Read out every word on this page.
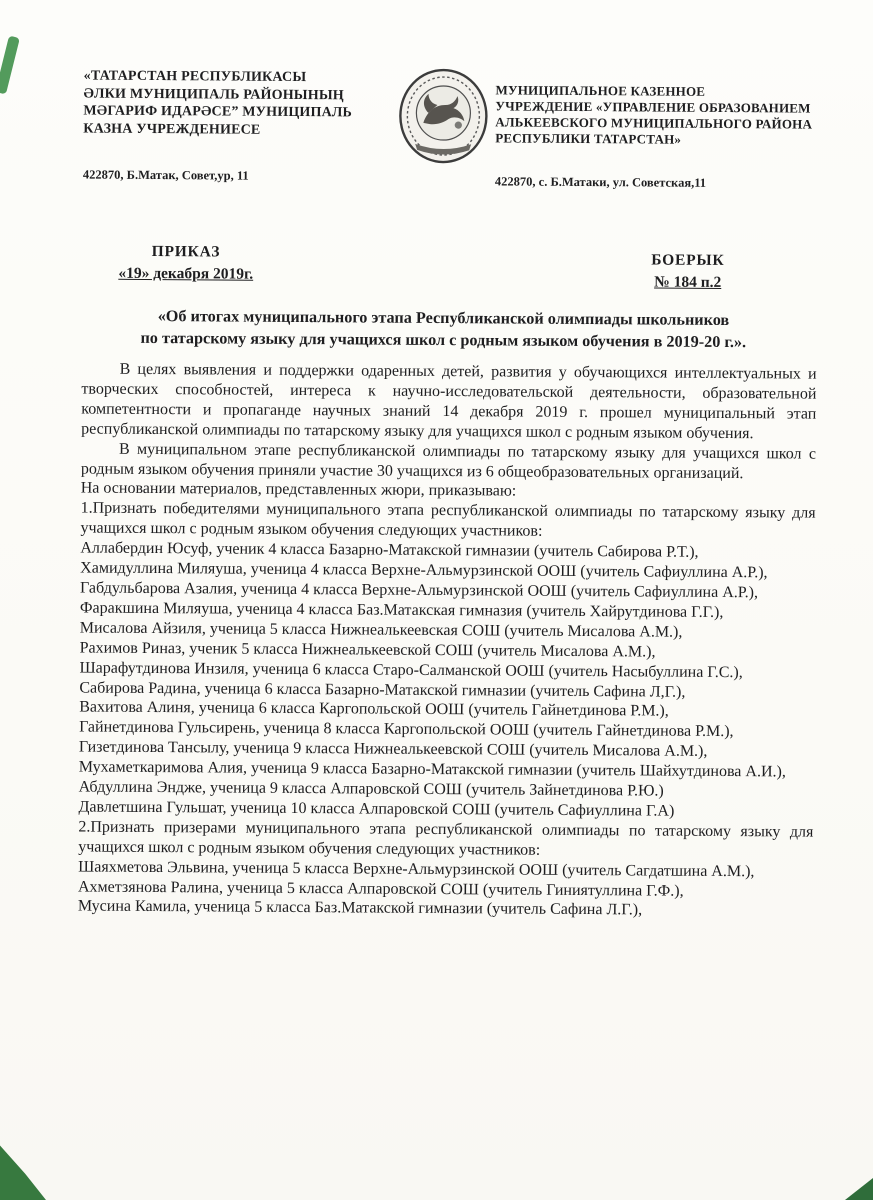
«ТАТАРСТАН РЕСПУБЛИКАСЫ
ӘЛКИ МУНИЦИПАЛЬ РАЙОНЫНЫҢ
МӘГАРИФ ИДАРӘСЕ” МУНИЦИПАЛЬ
КАЗНА УЧРЕЖДЕНИЕСЕ
422870, Б.Матак, Совет,ур, 11
МУНИЦИПАЛЬНОЕ КАЗЕННОЕ
УЧРЕЖДЕНИЕ «УПРАВЛЕНИЕ ОБРАЗОВАНИЕМ
АЛЬКЕЕВСКОГО МУНИЦИПАЛЬНОГО РАЙОНА
РЕСПУБЛИКИ ТАТАРСТАН»
422870, с. Б.Матаки, ул. Советская,11
ПРИКАЗ
«19» декабря 2019г.
БОЕРЫК
№ 184 п.2
«Об итогах муниципального этапа Республиканской олимпиады школьников
по татарскому языку для учащихся школ с родным языком обучения в 2019-20 г.».

В целях выявления и поддержки одаренных детей, развития у обучающихся интеллектуальных и творческих способностей, интереса к научно-исследовательской деятельности, образовательной компетентности и пропаганде научных знаний 14 декабря 2019 г. прошел муниципальный этап республиканской олимпиады по татарскому языку для учащихся школ с родным языком обучения.

В муниципальном этапе республиканской олимпиады по татарскому языку для учащихся школ с родным языком обучения приняли участие 30 учащихся из 6 общеобразовательных организаций.

На основании материалов, представленных жюри, приказываю:

1.Признать победителями муниципального этапа республиканской олимпиады по татарскому языку для учащихся школ с родным языком обучения следующих участников:

Аллабердин Юсуф, ученик 4 класса Базарно-Матакской гимназии (учитель Сабирова Р.Т.),

Хамидуллина Миляуша, ученица 4 класса Верхне-Альмурзинской ООШ (учитель Сафиуллина А.Р.),

Габдульбарова Азалия, ученица 4 класса Верхне-Альмурзинской ООШ (учитель Сафиуллина А.Р.),

Фаракшина Миляуша, ученица 4 класса Баз.Матакская гимназия (учитель Хайрутдинова Г.Г.),

Мисалова Айзиля, ученица 5 класса Нижнеалькеевская СОШ (учитель Мисалова А.М.),

Рахимов Риназ, ученик 5 класса Нижнеалькеевской СОШ (учитель Мисалова А.М.),

Шарафутдинова Инзиля, ученица 6 класса Старо-Салманской ООШ (учитель Насыбуллина Г.С.),

Сабирова Радина, ученица 6 класса Базарно-Матакской гимназии (учитель Сафина Л,Г.),

Вахитова Алиня, ученица 6 класса Каргопольской ООШ (учитель Гайнетдинова Р.М.),

Гайнетдинова Гульсирень, ученица 8 класса Каргопольской ООШ (учитель Гайнетдинова Р.М.),

Гизетдинова Тансылу, ученица 9 класса Нижнеалькеевской СОШ (учитель Мисалова А.М.),

Мухаметкаримова Алия, ученица 9 класса Базарно-Матакской гимназии (учитель Шайхутдинова А.И.),

Абдуллина Эндже, ученица 9 класса Алпаровской СОШ (учитель Зайнетдинова Р.Ю.)

Давлетшина Гульшат, ученица 10 класса Алпаровской СОШ (учитель Сафиуллина Г.А)

2.Признать призерами муниципального этапа республиканской олимпиады по татарскому языку для учащихся школ с родным языком обучения следующих участников:

Шаяхметова Эльвина, ученица 5 класса Верхне-Альмурзинской ООШ (учитель Сагдатшина А.М.),

Ахметзянова Ралина, ученица 5 класса Алпаровской СОШ (учитель Гиниятуллина Г.Ф.),

Мусина Камила, ученица 5 класса Баз.Матакской гимназии (учитель Сафина Л.Г.),
